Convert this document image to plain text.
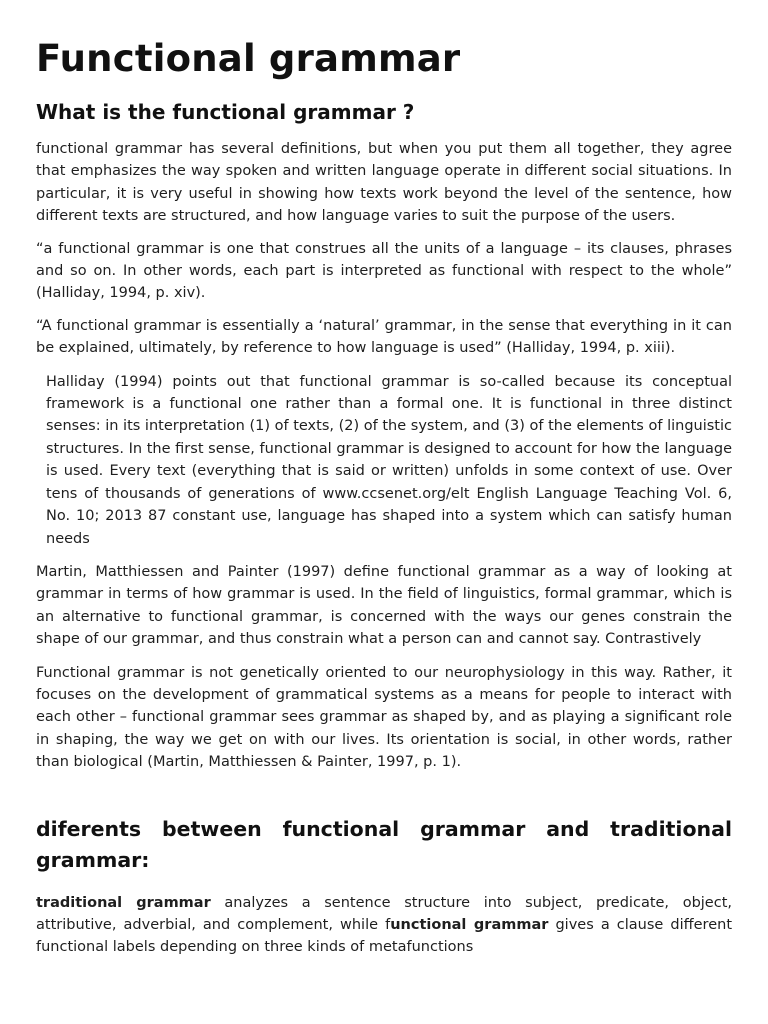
Functional grammar
What is the functional grammar ?

functional grammar has several definitions, but when you put them all together, they agree that emphasizes the way spoken and written language operate in different social situations. In particular, it is very useful in showing how texts work beyond the level of the sentence, how different texts are structured, and how language varies to suit the purpose of the users.

“a functional grammar is one that construes all the units of a language – its clauses, phrases and so on. In other words, each part is interpreted as functional with respect to the whole” (Halliday, 1994, p. xiv).

“A functional grammar is essentially a ‘natural’ grammar, in the sense that everything in it can be explained, ultimately, by reference to how language is used” (Halliday, 1994, p. xiii).

Halliday (1994) points out that functional grammar is so-called because its conceptual framework is a functional one rather than a formal one. It is functional in three distinct senses: in its interpretation (1) of texts, (2) of the system, and (3) of the elements of linguistic structures. In the first sense, functional grammar is designed to account for how the language is used. Every text (everything that is said or written) unfolds in some context of use. Over tens of thousands of generations of www.ccsenet.org/elt English Language Teaching Vol. 6, No. 10; 2013 87 constant use, language has shaped into a system which can satisfy human needs

Martin, Matthiessen and Painter (1997) define functional grammar as a way of looking at grammar in terms of how grammar is used. In the field of linguistics, formal grammar, which is an alternative to functional grammar, is concerned with the ways our genes constrain the shape of our grammar, and thus constrain what a person can and cannot say. Contrastively

Functional grammar is not genetically oriented to our neurophysiology in this way. Rather, it focuses on the development of grammatical systems as a means for people to interact with each other – functional grammar sees grammar as shaped by, and as playing a significant role in shaping, the way we get on with our lives. Its orientation is social, in other words, rather than biological (Martin, Matthiessen & Painter, 1997, p. 1).

diferents between functional grammar and traditional grammar:

traditional grammar analyzes a sentence structure into subject, predicate, object, attributive, adverbial, and complement, while functional grammar gives a clause different functional labels depending on three kinds of metafunctions
